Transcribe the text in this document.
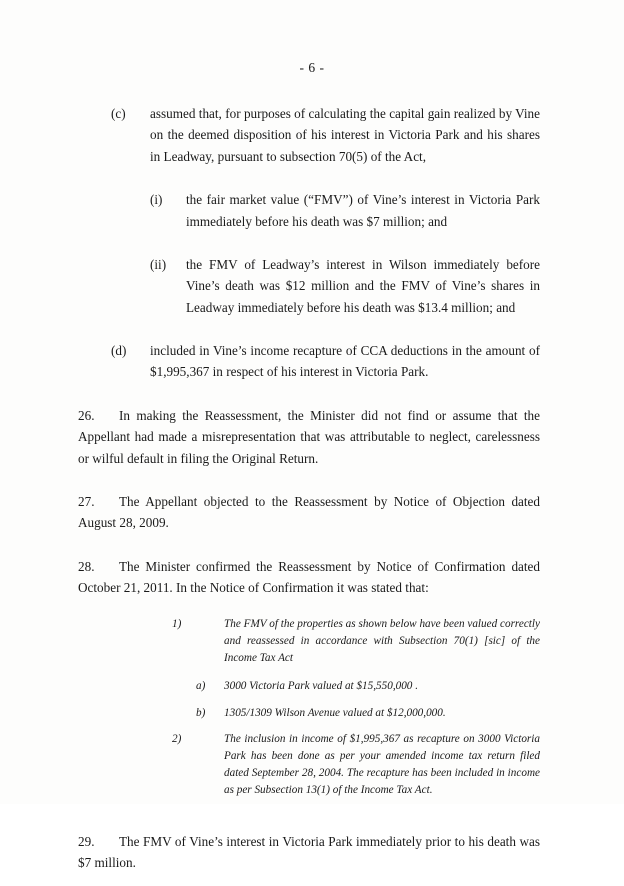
- 6 -
(c) assumed that, for purposes of calculating the capital gain realized by Vine on the deemed disposition of his interest in Victoria Park and his shares in Leadway, pursuant to subsection 70(5) of the Act,
(i) the fair market value (“FMV”) of Vine’s interest in Victoria Park immediately before his death was $7 million; and
(ii) the FMV of Leadway’s interest in Wilson immediately before Vine’s death was $12 million and the FMV of Vine’s shares in Leadway immediately before his death was $13.4 million; and
(d) included in Vine’s income recapture of CCA deductions in the amount of $1,995,367 in respect of his interest in Victoria Park.
26. In making the Reassessment, the Minister did not find or assume that the Appellant had made a misrepresentation that was attributable to neglect, carelessness or wilful default in filing the Original Return.
27. The Appellant objected to the Reassessment by Notice of Objection dated August 28, 2009.
28. The Minister confirmed the Reassessment by Notice of Confirmation dated October 21, 2011. In the Notice of Confirmation it was stated that:
1)	The FMV of the properties as shown below have been valued correctly and reassessed in accordance with Subsection 70(1) [sic] of the Income Tax Act
a) 3000 Victoria Park valued at $15,550,000 .
b) 1305/1309 Wilson Avenue valued at $12,000,000.
2)	The inclusion in income of $1,995,367 as recapture on 3000 Victoria Park has been done as per your amended income tax return filed dated September 28, 2004. The recapture has been included in income as per Subsection 13(1) of the Income Tax Act.
29. The FMV of Vine’s interest in Victoria Park immediately prior to his death was $7 million.
